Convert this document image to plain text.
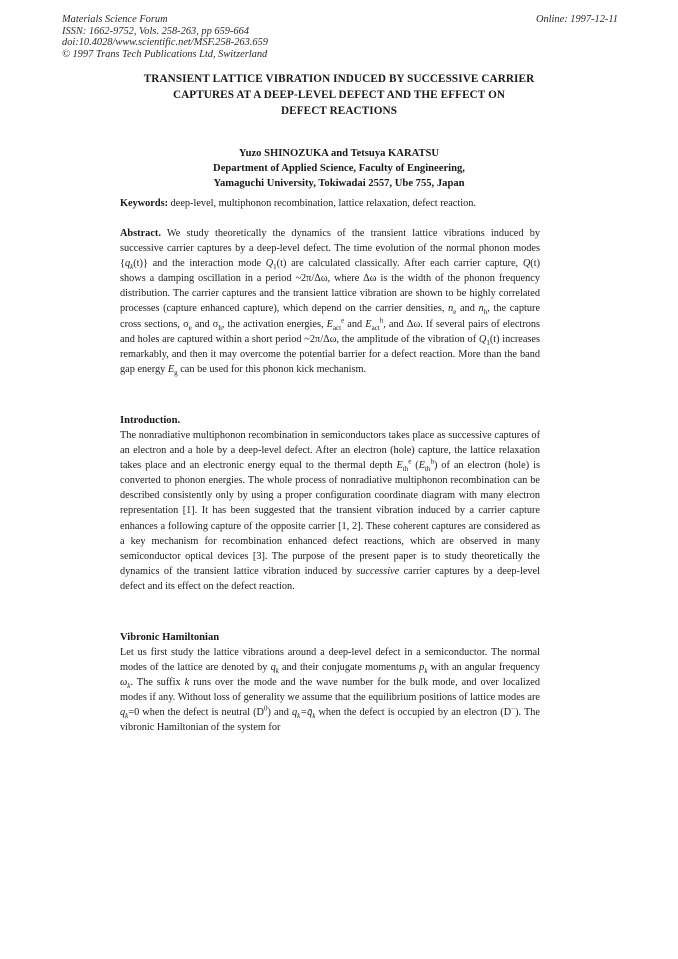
Materials Science Forum
ISSN: 1662-9752, Vols. 258-263, pp 659-664
doi:10.4028/www.scientific.net/MSF.258-263.659
© 1997 Trans Tech Publications Ltd, Switzerland
Online: 1997-12-11
TRANSIENT LATTICE VIBRATION INDUCED BY SUCCESSIVE CARRIER
CAPTURES AT A DEEP-LEVEL DEFECT AND THE EFFECT ON
DEFECT REACTIONS
Yuzo SHINOZUKA and Tetsuya KARATSU
Department of Applied Science, Faculty of Engineering,
Yamaguchi University, Tokiwadai 2557, Ube 755, Japan
Keywords: deep-level, multiphonon recombination, lattice relaxation, defect reaction.
Abstract. We study theoretically the dynamics of the transient lattice vibrations induced by successive carrier captures by a deep-level defect. The time evolution of the normal phonon modes $\{q_k(t)\}$ and the interaction mode $Q_1(t)$ are calculated classically. After each carrier capture, Q(t) shows a damping oscillation in a period ~2π/Δω, where Δω is the width of the phonon frequency distribution. The carrier captures and the transient lattice vibration are shown to be highly correlated processes (capture enhanced capture), which depend on the carrier densities, $n_e$ and $n_h$, the capture cross sections, $\sigma_e$ and $\sigma_h$, the activation energies, $E_{act}^e$ and $E_{act}^h$, and Δω. If several pairs of electrons and holes are captured within a short period ~2π/Δω, the amplitude of the vibration of $Q_1(t)$ increases remarkably, and then it may overcome the potential barrier for a defect reaction. More than the band gap energy $E_g$ can be used for this phonon kick mechanism.
Introduction.
The nonradiative multiphonon recombination in semiconductors takes place as successive captures of an electron and a hole by a deep-level defect. After an electron (hole) capture, the lattice relaxation takes place and an electronic energy equal to the thermal depth $E_{th}^e$ $(E_{th}^h)$ of an electron (hole) is converted to phonon energies. The whole process of nonradiative multiphonon recombination can be described consistently only by using a proper configuration coordinate diagram with many electron representation [1]. It has been suggested that the transient vibration induced by a carrier capture enhances a following capture of the opposite carrier [1, 2]. These coherent captures are considered as a key mechanism for recombination enhanced defect reactions, which are observed in many semiconductor optical devices [3]. The purpose of the present paper is to study theoretically the dynamics of the transient lattice vibration induced by successive carrier captures by a deep-level defect and its effect on the defect reaction.
Vibronic Hamiltonian
Let us first study the lattice vibrations around a deep-level defect in a semiconductor. The normal modes of the lattice are denoted by $q_k$ and their conjugate momentums $p_k$ with an angular frequency $\omega_k$. The suffix k runs over the mode and the wave number for the bulk mode, and over localized modes if any. Without loss of generality we assume that the equilibrium positions of lattice modes are $q_k=0$ when the defect is neutral $(D^0)$ and $q_k=q̄_k$ when the defect is occupied by an electron (D−). The vibronic Hamiltonian of the system for
